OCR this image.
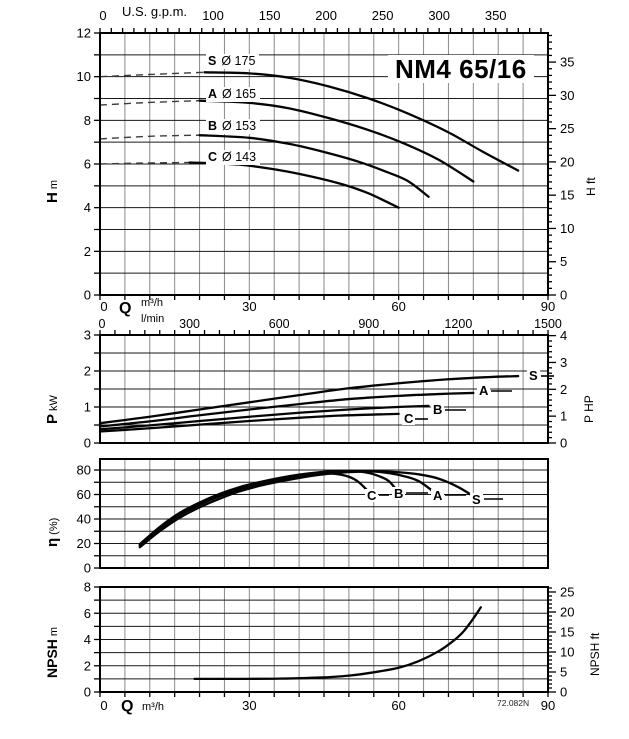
0
2
4
6
8
10
12
0	30	60	90
0
5
10
15
20
25
30
35
0
1
2
3
0
1
2
3
4
0
20
40
60
80
0
2
4
6
8
0	30	60	90
0
5
10
15
20
25
0	100	150	200	250	300	350
0	300	600	900	1200	1500
U.S. g.p.m.
NM4 65/16
S Ø 175
A Ø 165
B Ø 153
C Ø 143
Hm
PkW
η(%)
NPSHm
H ft
P HP
NPSH ft
Q m³/h
l/min
Q m³/h
S
A
B
C
C B A S
72.082N
